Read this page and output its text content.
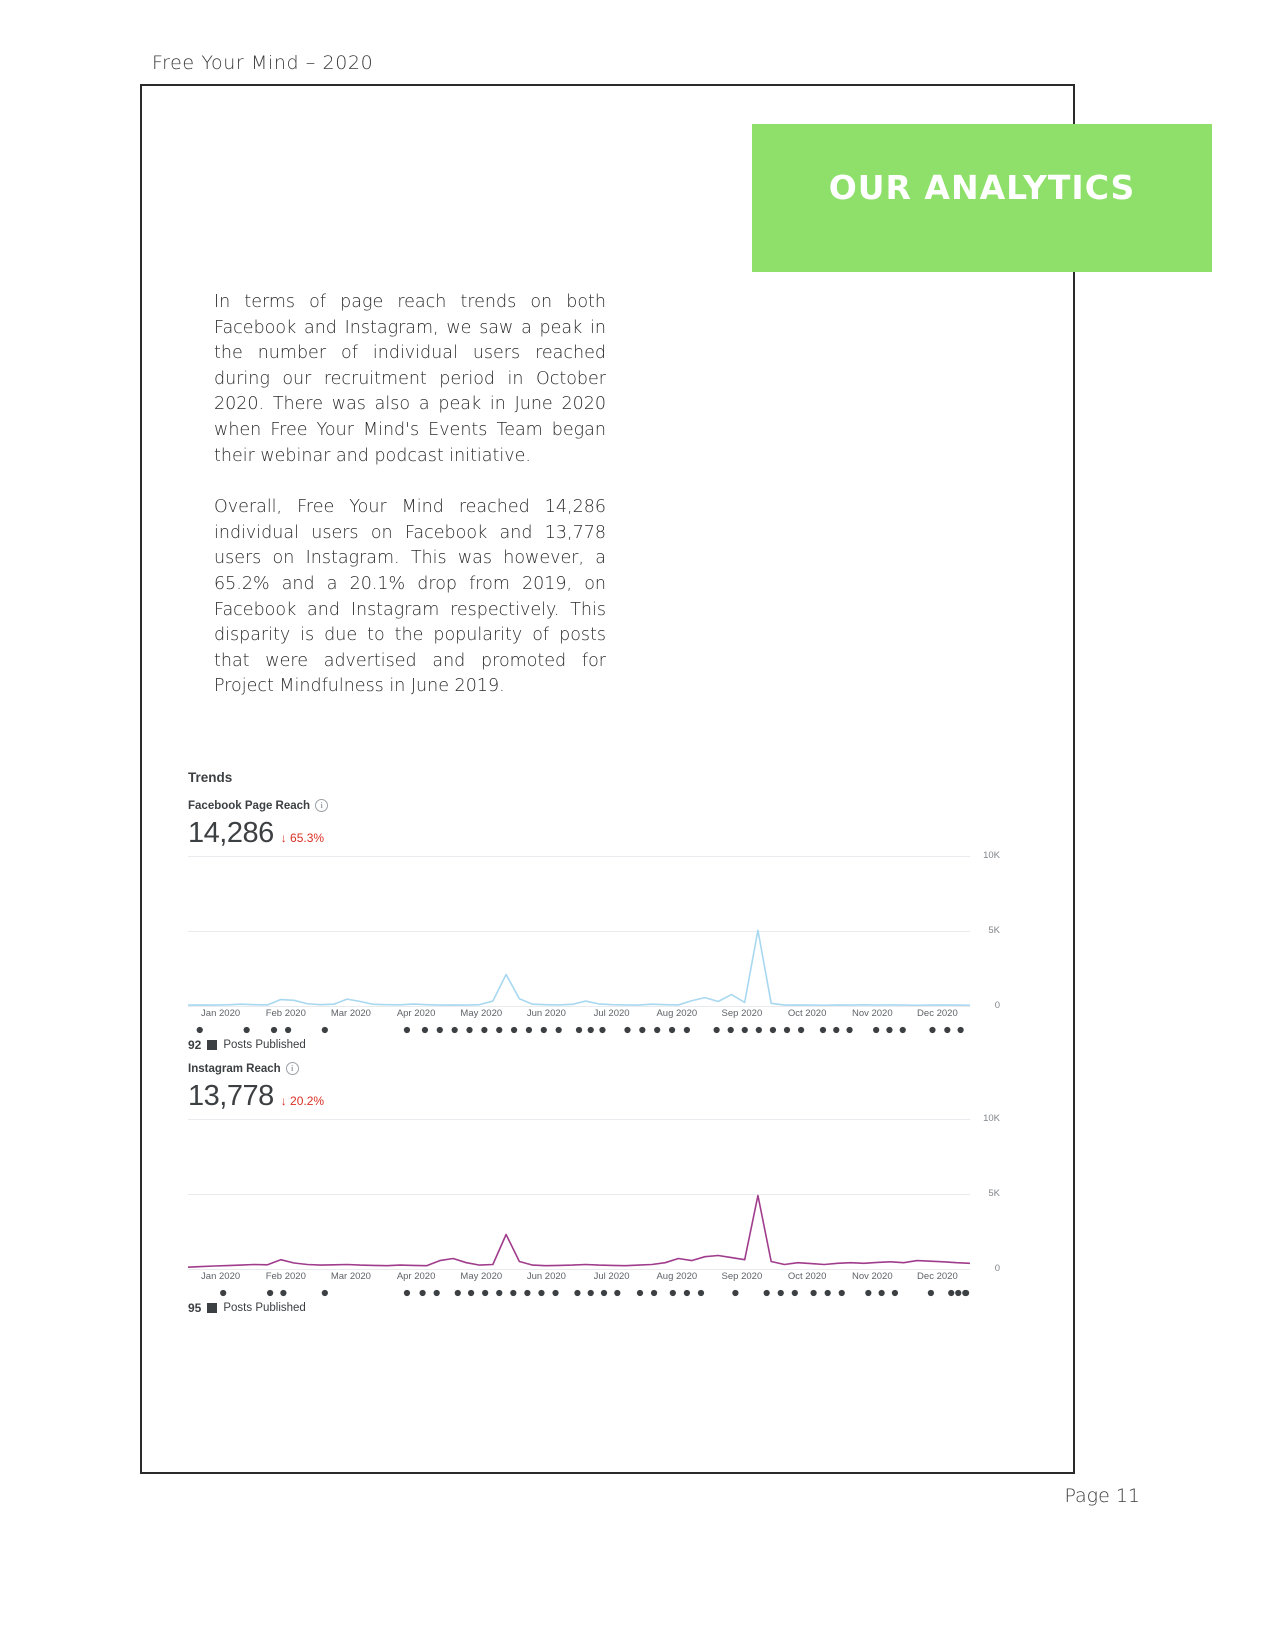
Free Your Mind – 2020
OUR ANALYTICS

In terms of page reach trends on both Facebook and Instagram, we saw a peak in the number of individual users reached during our recruitment period in October 2020. There was also a peak in June 2020 when Free Your Mind's Events Team began their webinar and podcast initiative.

Overall, Free Your Mind reached 14,286 individual users on Facebook and 13,778 users on Instagram. This was however, a 65.2% and a 20.1% drop from 2019, on Facebook and Instagram respectively. This disparity is due to the popularity of posts that were advertised and promoted for Project Mindfulness in June 2019.

Trends
Facebook Page Reach	i
14,286 ↓ 65.3%
10K
5K
0
Jan 2020	Feb 2020	Mar 2020	Apr 2020	May 2020	Jun 2020	Jul 2020	Aug 2020	Sep 2020	Oct 2020	Nov 2020	Dec 2020
92 Posts Published
Instagram Reach	i
13,778 ↓ 20.2%
10K
5K
0
Jan 2020	Feb 2020	Mar 2020	Apr 2020	May 2020	Jun 2020	Jul 2020	Aug 2020	Sep 2020	Oct 2020	Nov 2020	Dec 2020
95 Posts Published
Page 11
